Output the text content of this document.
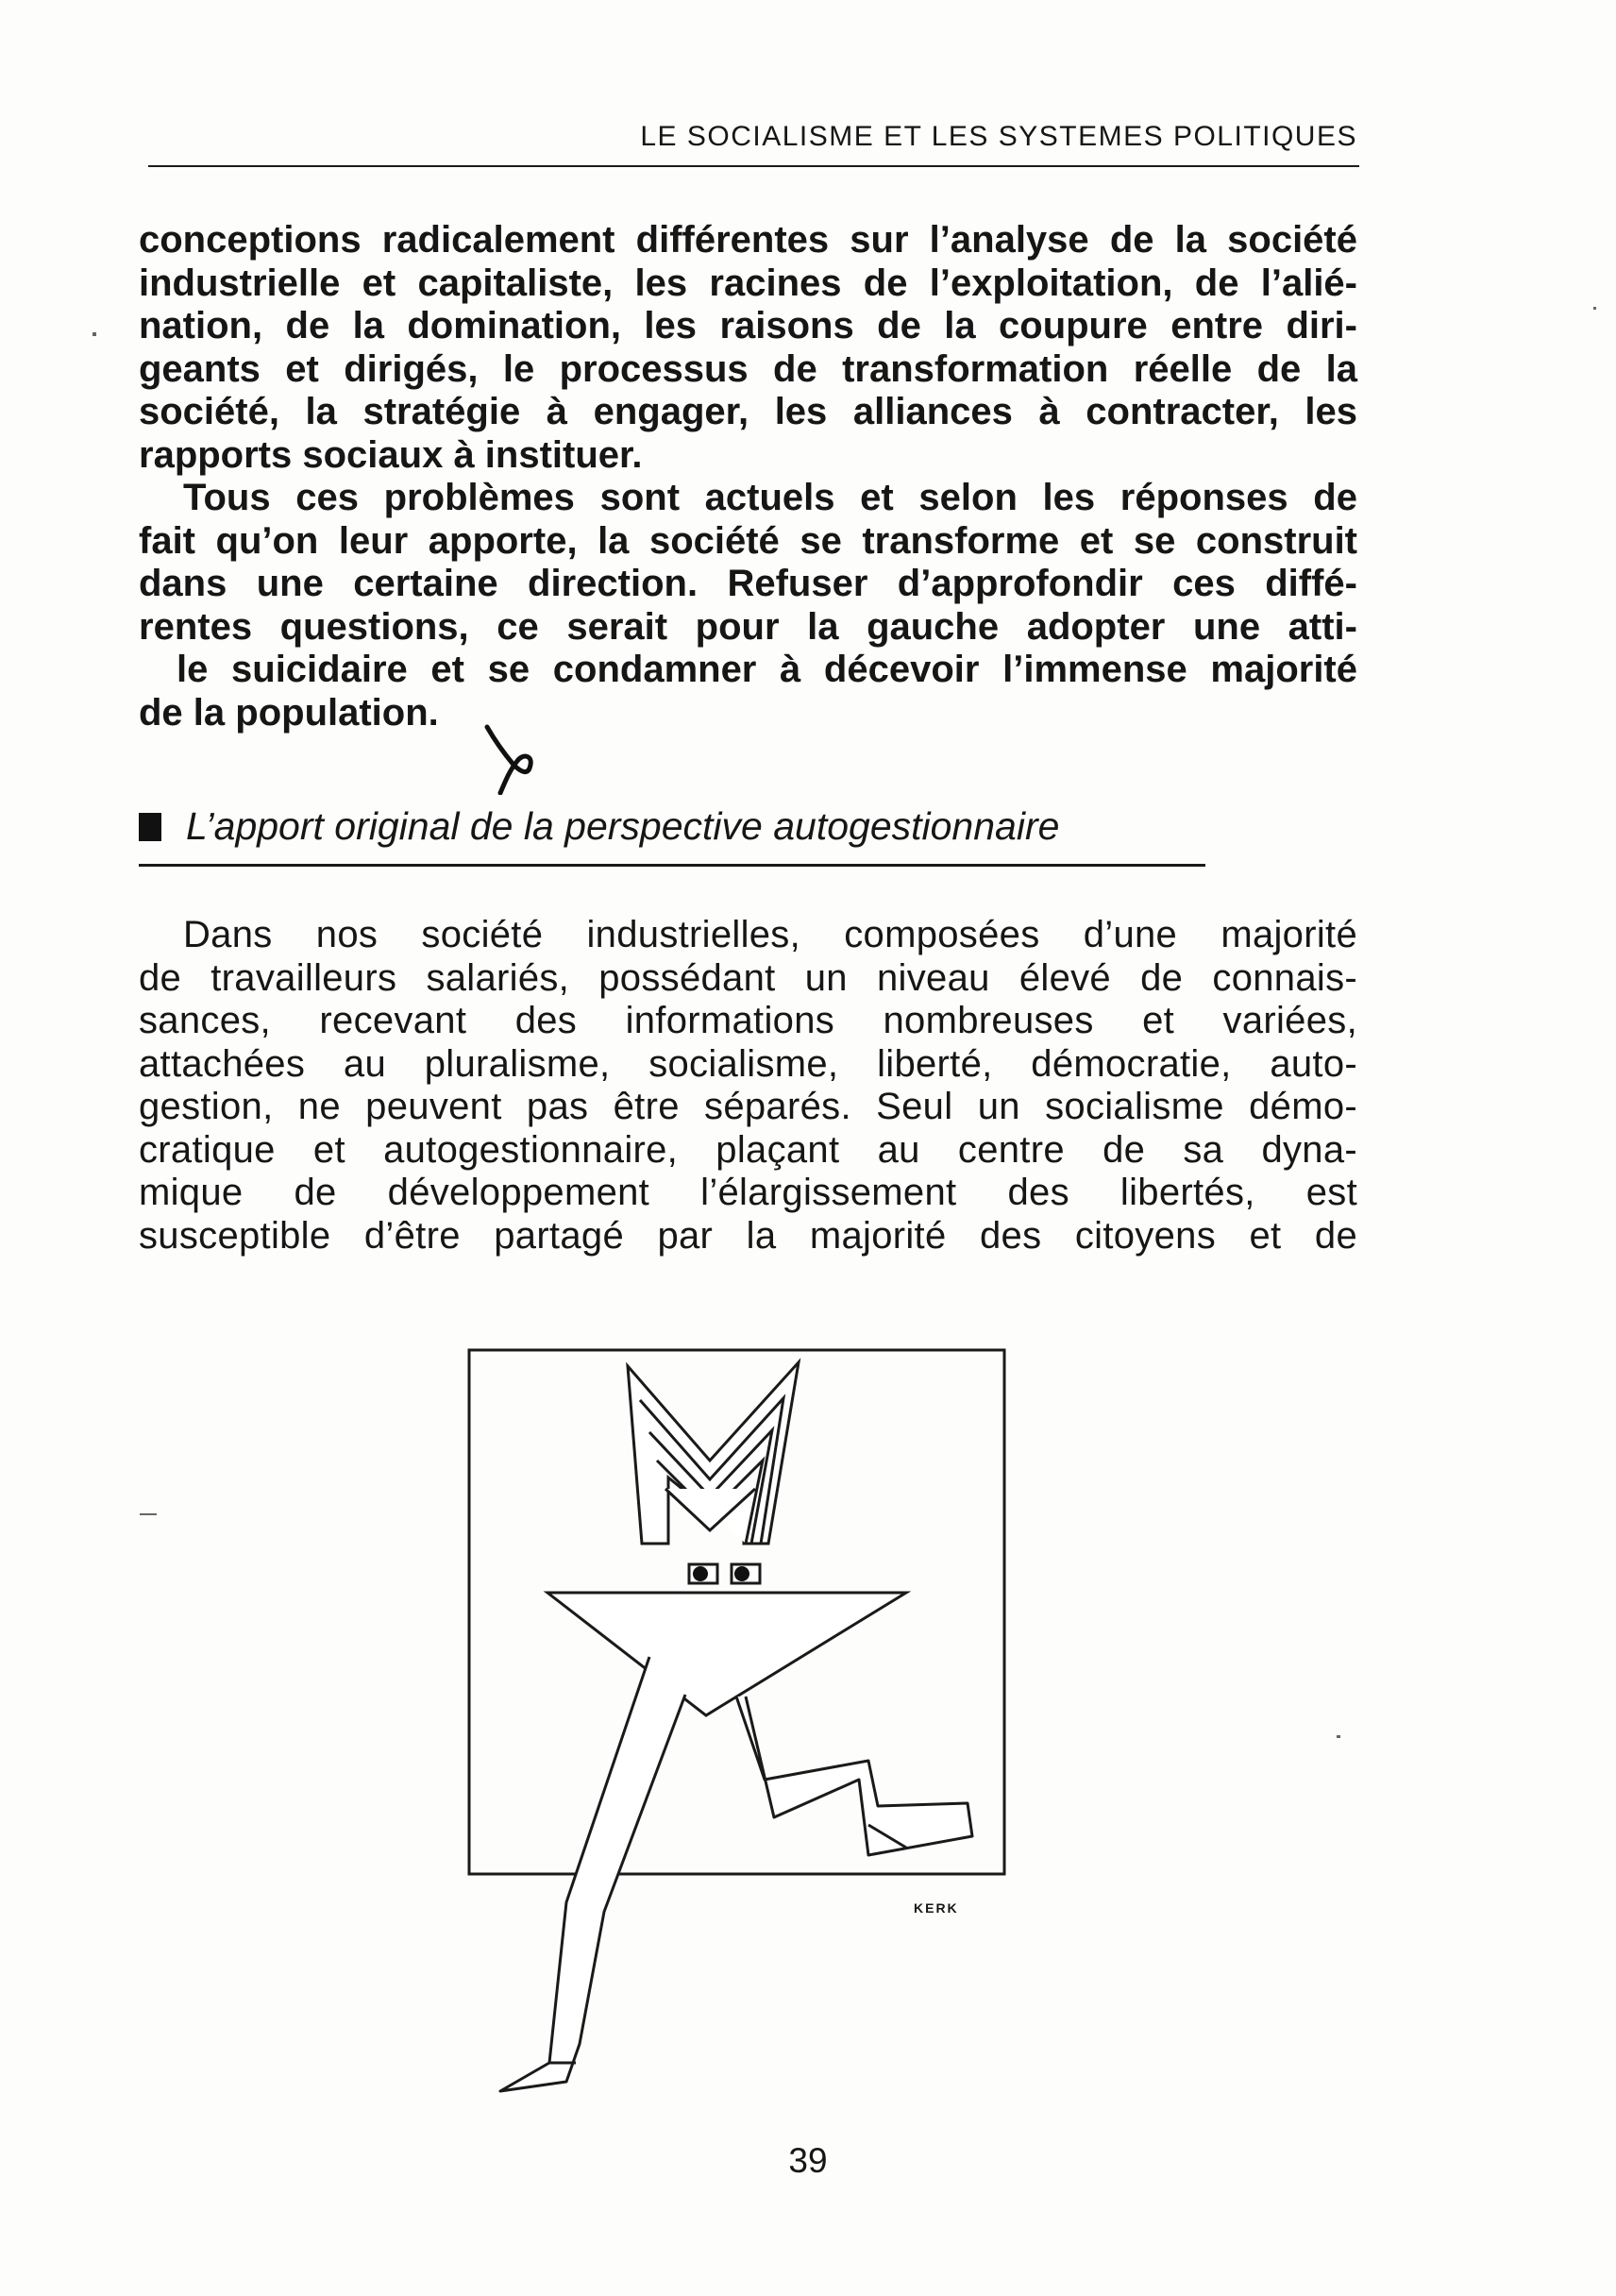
LE SOCIALISME ET LES SYSTEMES POLITIQUES
conceptions radicalement différentes sur l’analyse de la société
industrielle et capitaliste, les racines de l’exploitation, de l’alié-
nation, de la domination, les raisons de la coupure entre diri-
geants et dirigés, le processus de transformation réelle de la
société, la stratégie à engager, les alliances à contracter, les
rapports sociaux à instituer.
Tous ces problèmes sont actuels et selon les réponses de
fait qu’on leur apporte, la société se transforme et se construit
dans une certaine direction. Refuser d’approfondir ces diffé-
rentes questions, ce serait pour la gauche adopter une atti-
le suicidaire et se condamner à décevoir l’immense majorité
de la population.
L’apport original de la perspective autogestionnaire
Dans nos société industrielles, composées d’une majorité
de travailleurs salariés, possédant un niveau élevé de connais-
sances, recevant des informations nombreuses et variées,
attachées au pluralisme, socialisme, liberté, démocratie, auto-
gestion, ne peuvent pas être séparés. Seul un socialisme démo-
cratique et autogestionnaire, plaçant au centre de sa dyna-
mique de développement l’élargissement des libertés, est
susceptible d’être partagé par la majorité des citoyens et de
KERK
39
